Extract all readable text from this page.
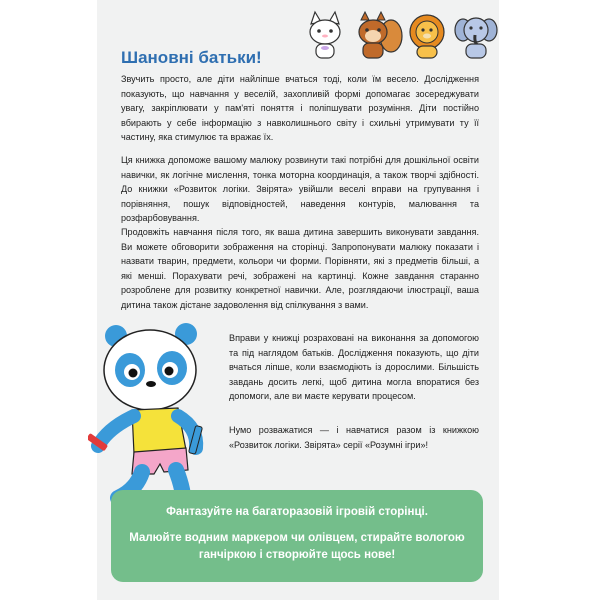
Шановні батьки!

Звучить просто, але діти найліпше вчаться тоді, коли їм весело. Дослідження показують, що навчання у веселій, захопливій формі допомагає зосереджувати увагу, закріплювати у пам'яті поняття і поліпшувати розуміння. Діти постійно вбирають у себе інформацію з навколишнього світу і схильні утримувати ту її частину, яка стимулює та вражає їх.

Ця книжка допоможе вашому малюку розвинути такі потрібні для дошкільної освіти навички, як логічне мислення, тонка моторна координація, а також творчі здібності. До книжки «Розвиток логіки. Звірята» увійшли веселі вправи на групування і порівняння, пошук відповідностей, наведення контурів, малювання та розфарбовування.

Продовжіть навчання після того, як ваша дитина завершить виконувати завдання. Ви можете обговорити зображення на сторінці. Запропонувати малюку показати і назвати тварин, предмети, кольори чи форми. Порівняти, які з предметів більші, а які менші. Порахувати речі, зображені на картинці. Кожне завдання старанно розроблене для розвитку конкретної навички. Але, розглядаючи ілюстрації, ваша дитина також дістане задоволення від спілкування з вами.

Вправи у книжці розраховані на виконання за допомогою та під наглядом батьків. Дослідження показують, що діти вчаться ліпше, коли взаємодіють із дорослими. Більшість завдань досить легкі, щоб дитина могла впоратися без допомоги, але ви маєте керувати процесом.

Нумо розважатися — і навчатися разом із книжкою «Розвиток логіки. Звірята» серії «Розумні ігри»!

Фантазуйте на багаторазовій ігровій сторінці.

Малюйте водним маркером чи олівцем, стирайте вологою ганчіркою і створюйте щось нове!
